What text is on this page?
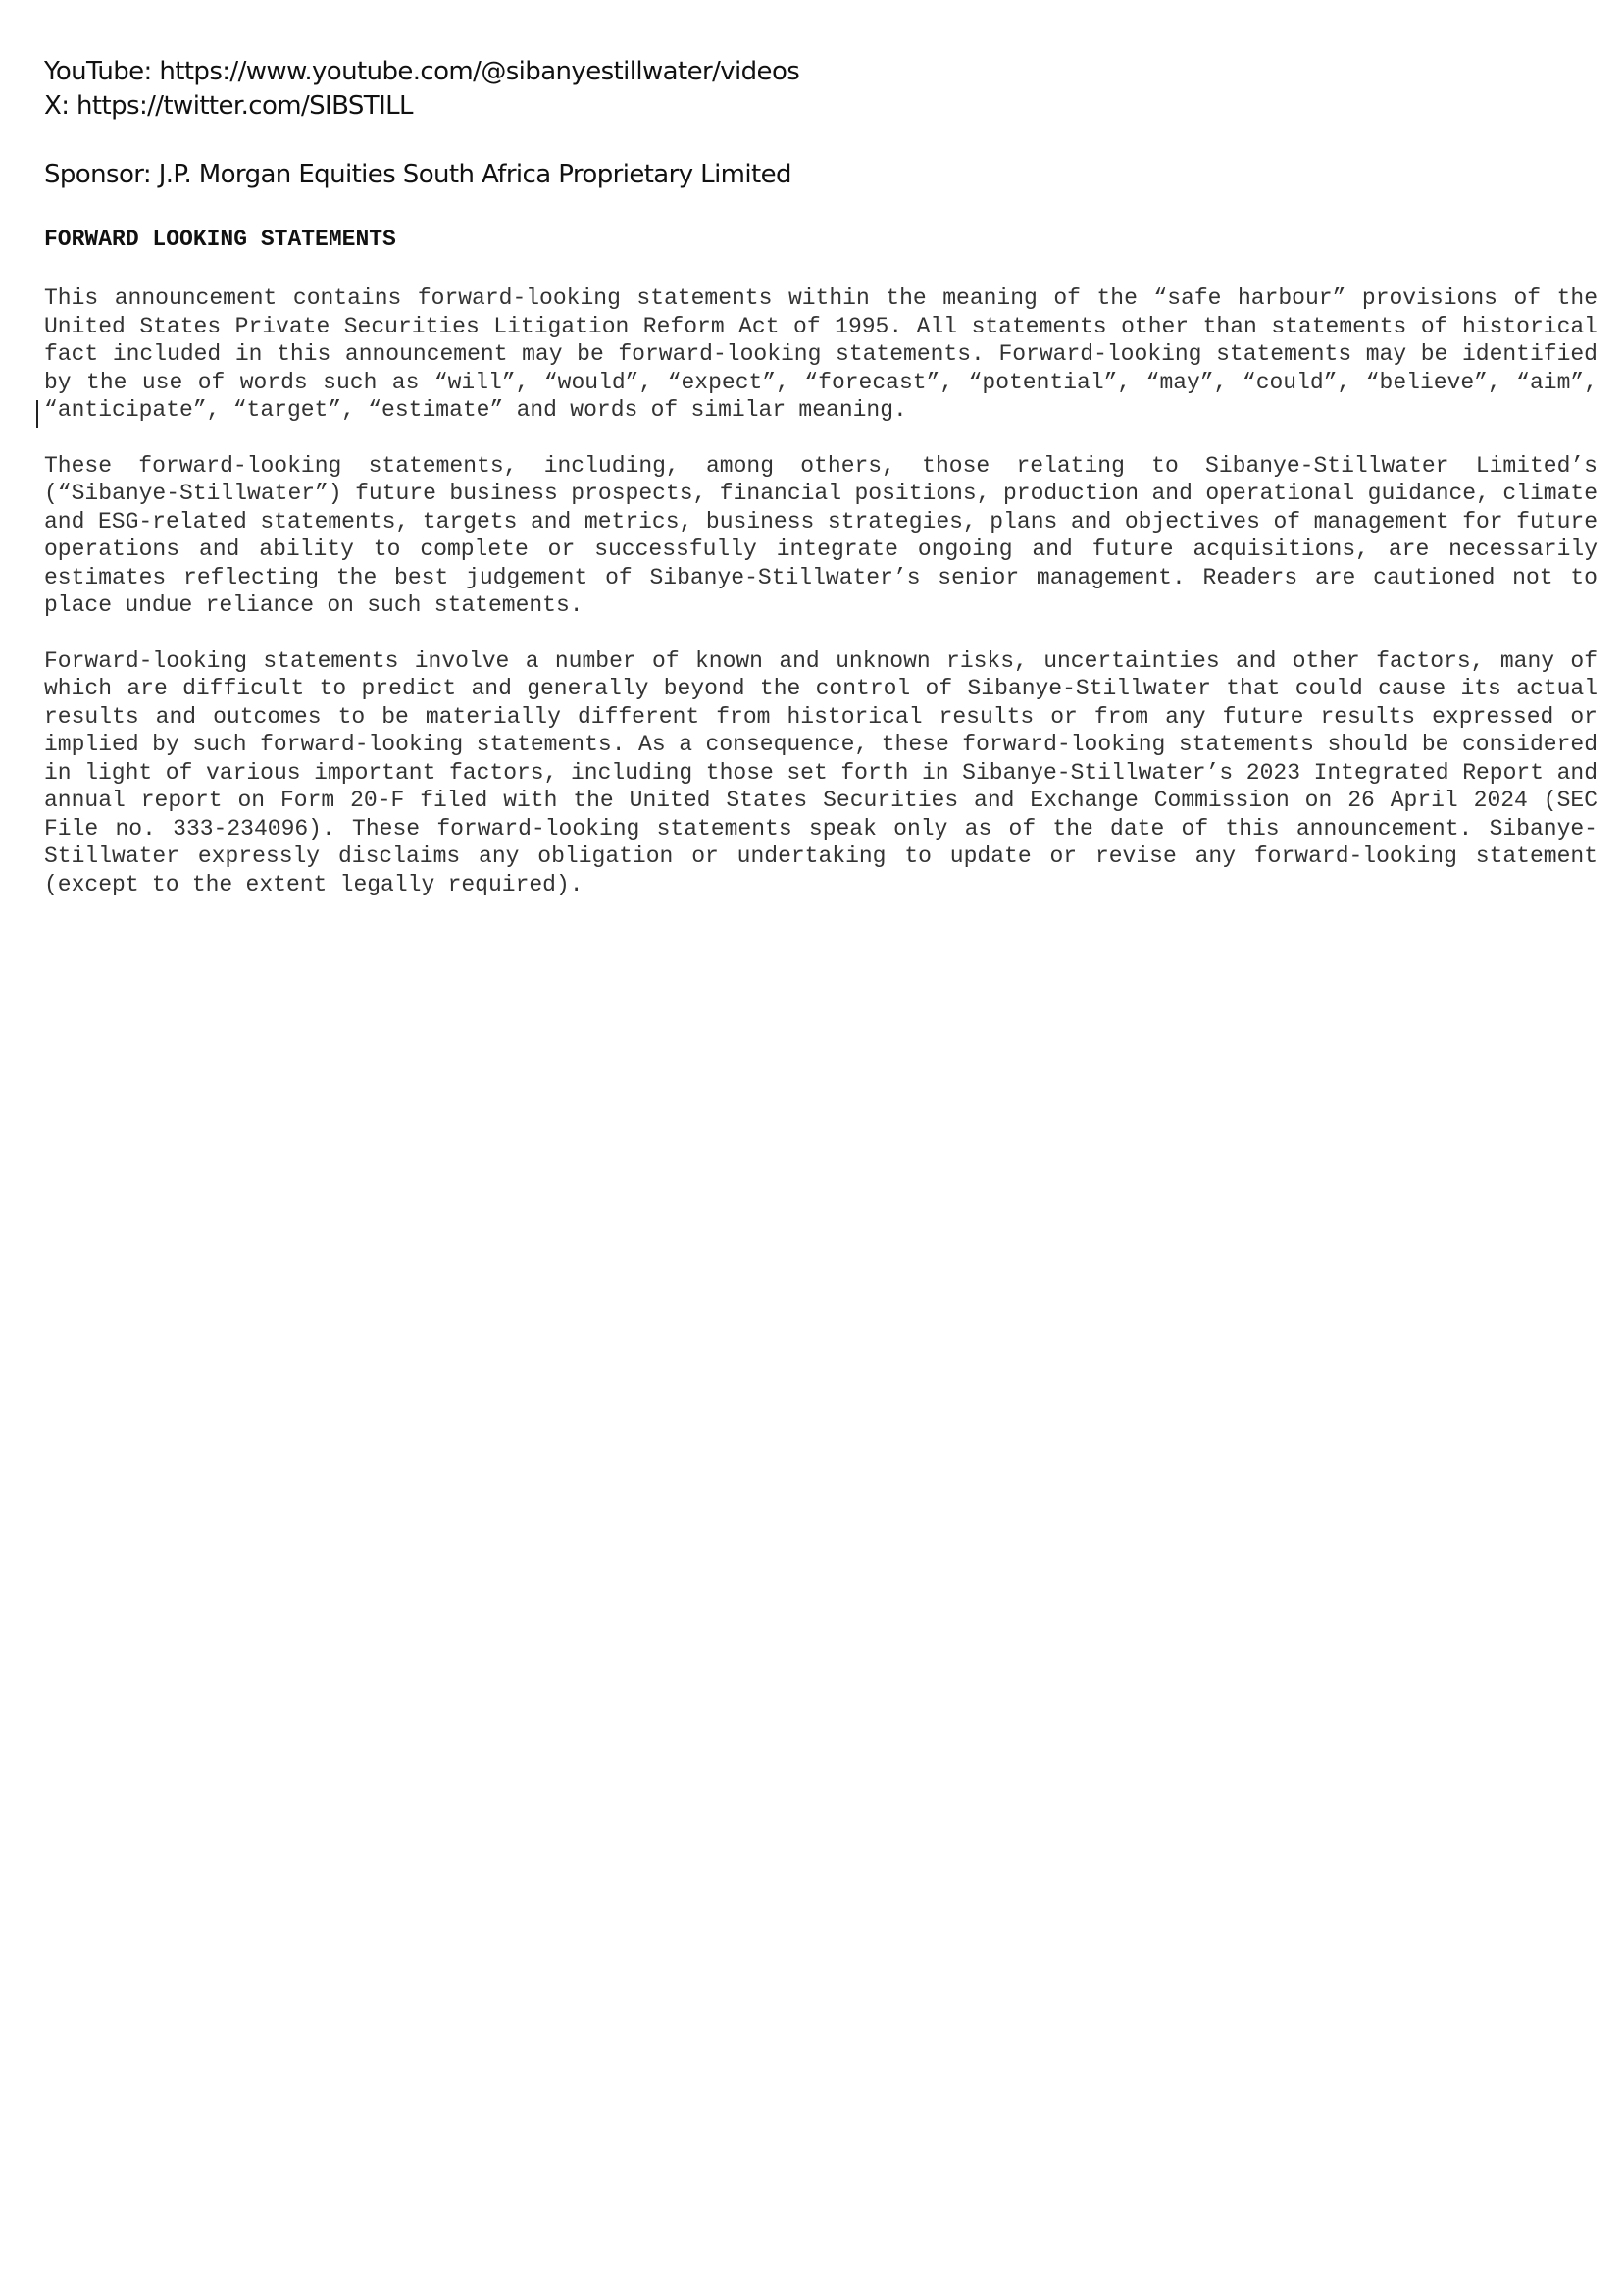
YouTube: https://www.youtube.com/@sibanyestillwater/videos
X: https://twitter.com/SIBSTILL
Sponsor: J.P. Morgan Equities South Africa Proprietary Limited
FORWARD LOOKING STATEMENTS

This announcement contains forward-looking statements within the meaning of the “safe harbour” provisions of the United States Private Securities Litigation Reform Act of 1995. All statements other than statements of historical fact included in this announcement may be forward-looking statements. Forward-looking statements may be identified by the use of words such as “will”, “would”, “expect”, “forecast”, “potential”, “may”, “could”, “believe”, “aim”, “anticipate”, “target”, “estimate” and words of similar meaning.

These forward-looking statements, including, among others, those relating to Sibanye-Stillwater Limited’s (“Sibanye-Stillwater”) future business prospects, financial positions, production and operational guidance, climate and ESG-related statements, targets and metrics, business strategies, plans and objectives of management for future operations and ability to complete or successfully integrate ongoing and future acquisitions, are necessarily estimates reflecting the best judgement of Sibanye-Stillwater’s senior management. Readers are cautioned not to place undue reliance on such statements.

Forward-looking statements involve a number of known and unknown risks, uncertainties and other factors, many of which are difficult to predict and generally beyond the control of Sibanye-Stillwater that could cause its actual results and outcomes to be materially different from historical results or from any future results expressed or implied by such forward-looking statements. As a consequence, these forward-looking statements should be considered in light of various important factors, including those set forth in Sibanye-Stillwater’s 2023 Integrated Report and annual report on Form 20-F filed with the United States Securities and Exchange Commission on 26 April 2024 (SEC File no. 333-234096). These forward-looking statements speak only as of the date of this announcement. Sibanye-Stillwater expressly disclaims any obligation or undertaking to update or revise any forward-looking statement (except to the extent legally required).
